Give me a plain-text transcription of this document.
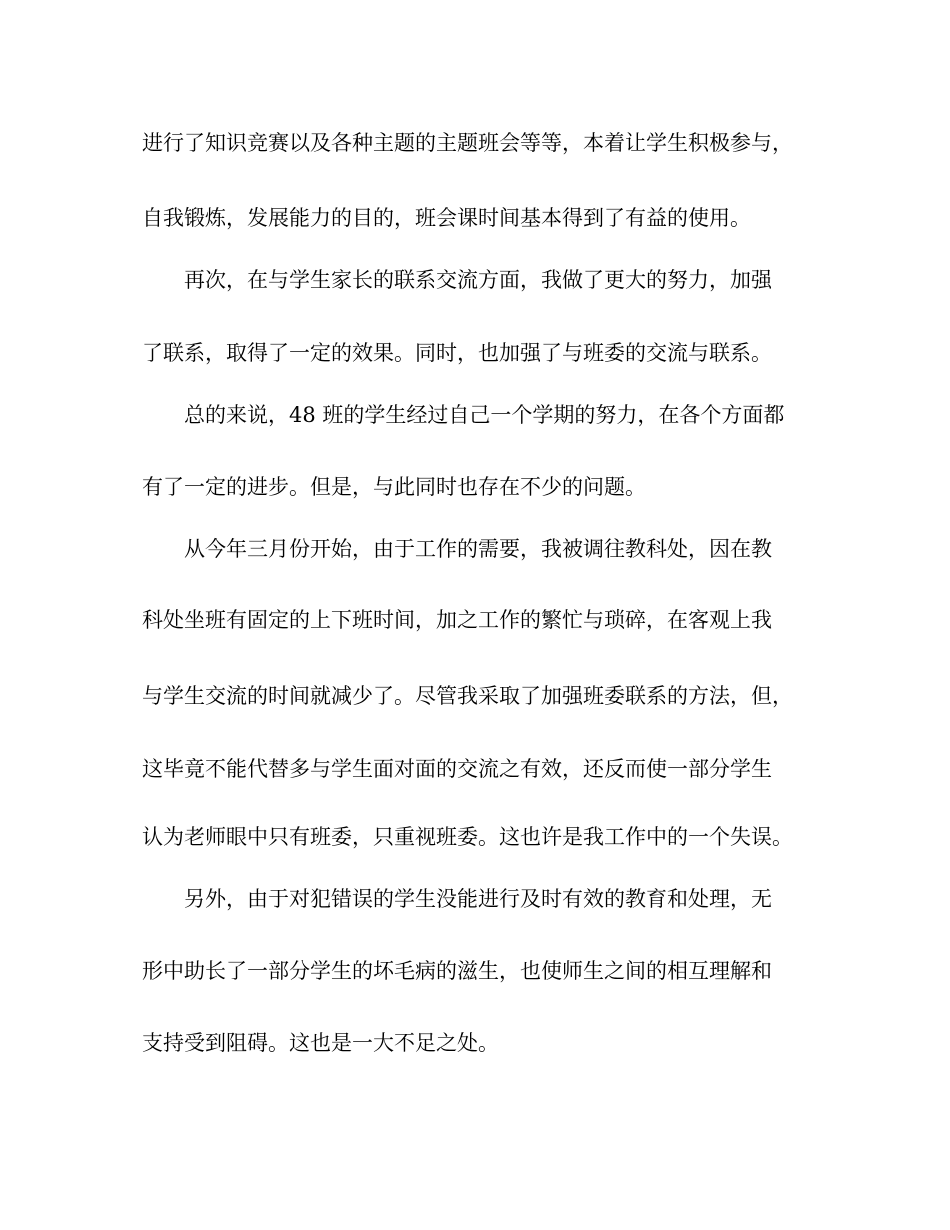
进行了知识竞赛以及各种主题的主题班会等等，本着让学生积极参与，
自我锻炼，发展能力的目的，班会课时间基本得到了有益的使用。
再次，在与学生家长的联系交流方面，我做了更大的努力，加强
了联系，取得了一定的效果。同时，也加强了与班委的交流与联系。
总的来说，48 班的学生经过自己一个学期的努力，在各个方面都
有了一定的进步。但是，与此同时也存在不少的问题。
从今年三月份开始，由于工作的需要，我被调往教科处，因在教
科处坐班有固定的上下班时间，加之工作的繁忙与琐碎，在客观上我
与学生交流的时间就减少了。尽管我采取了加强班委联系的方法，但，
这毕竟不能代替多与学生面对面的交流之有效，还反而使一部分学生
认为老师眼中只有班委，只重视班委。这也许是我工作中的一个失误。
另外，由于对犯错误的学生没能进行及时有效的教育和处理，无
形中助长了一部分学生的坏毛病的滋生，也使师生之间的相互理解和
支持受到阻碍。这也是一大不足之处。
